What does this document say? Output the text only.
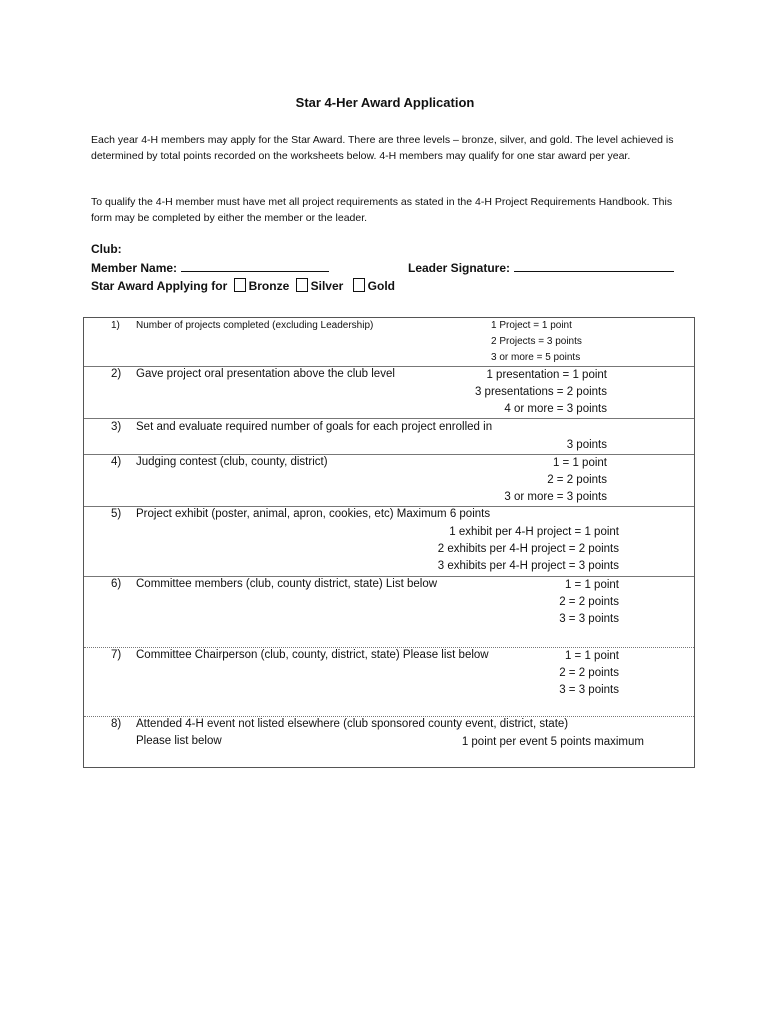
Star 4-Her Award Application
Each year 4-H members may apply for the Star Award. There are three levels – bronze, silver, and gold. The level achieved is determined by total points recorded on the worksheets below. 4-H members may qualify for one star award per year.
To qualify the 4-H member must have met all project requirements as stated in the 4-H Project Requirements Handbook. This form may be completed by either the member or the leader.
Club:
Member Name:	Leader Signature:
Star Award Applying for Bronze Silver Gold
1) Number of projects completed (excluding Leadership)	1 Project = 1 point
2 Projects = 3 points
3 or more = 5 points
2) Gave project oral presentation above the club level	1 presentation = 1 point
3 presentations = 2 points
4 or more = 3 points
3) Set and evaluate required number of goals for each project enrolled in
3 points
4) Judging contest (club, county, district)	1 = 1 point
2 = 2 points
3 or more = 3 points
5) Project exhibit (poster, animal, apron, cookies, etc) Maximum 6 points
1 exhibit per 4-H project = 1 point
2 exhibits per 4-H project = 2 points
3 exhibits per 4-H project = 3 points
6) Committee members (club, county district, state) List below	1 = 1 point
2 = 2 points
3 = 3 points
7) Committee Chairperson (club, county, district, state) Please list below	1 = 1 point
2 = 2 points
3 = 3 points
8) Attended 4-H event not listed elsewhere (club sponsored county event, district, state)
Please list below	1 point per event 5 points maximum
